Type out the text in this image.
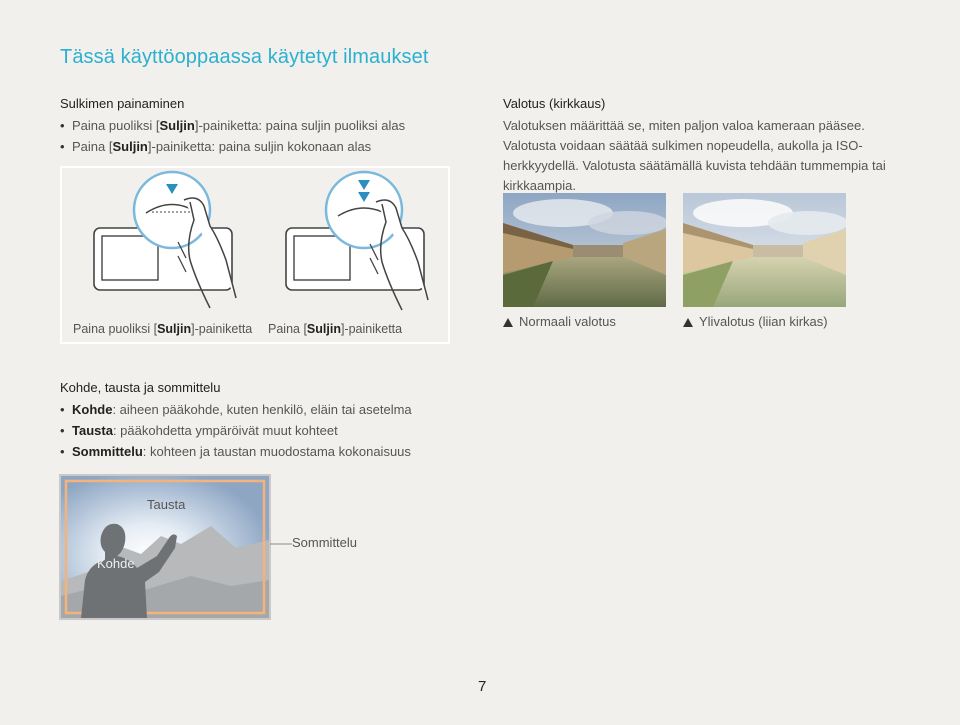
Tässä käyttöoppaassa käytetyt ilmaukset
Sulkimen painaminen
• Paina puoliksi [Suljin]-painiketta: paina suljin puoliksi alas
• Paina [Suljin]-painiketta: paina suljin kokonaan alas
Paina puoliksi [Suljin]-painiketta Paina [Suljin]-painiketta
Valotus (kirkkaus)
Valotuksen määrittää se, miten paljon valoa kameraan pääsee. Valotusta voidaan säätää sulkimen nopeudella, aukolla ja ISO-herkkyydellä. Valotusta säätämällä kuvista tehdään tummempia tai kirkkaampia.
Normaali valotus	Ylivalotus (liian kirkas)
Kohde, tausta ja sommittelu
• Kohde: aiheen pääkohde, kuten henkilö, eläin tai asetelma
• Tausta: pääkohdetta ympäröivät muut kohteet
• Sommittelu: kohteen ja taustan muodostama kokonaisuus
Tausta
Kohde
Sommittelu
7
